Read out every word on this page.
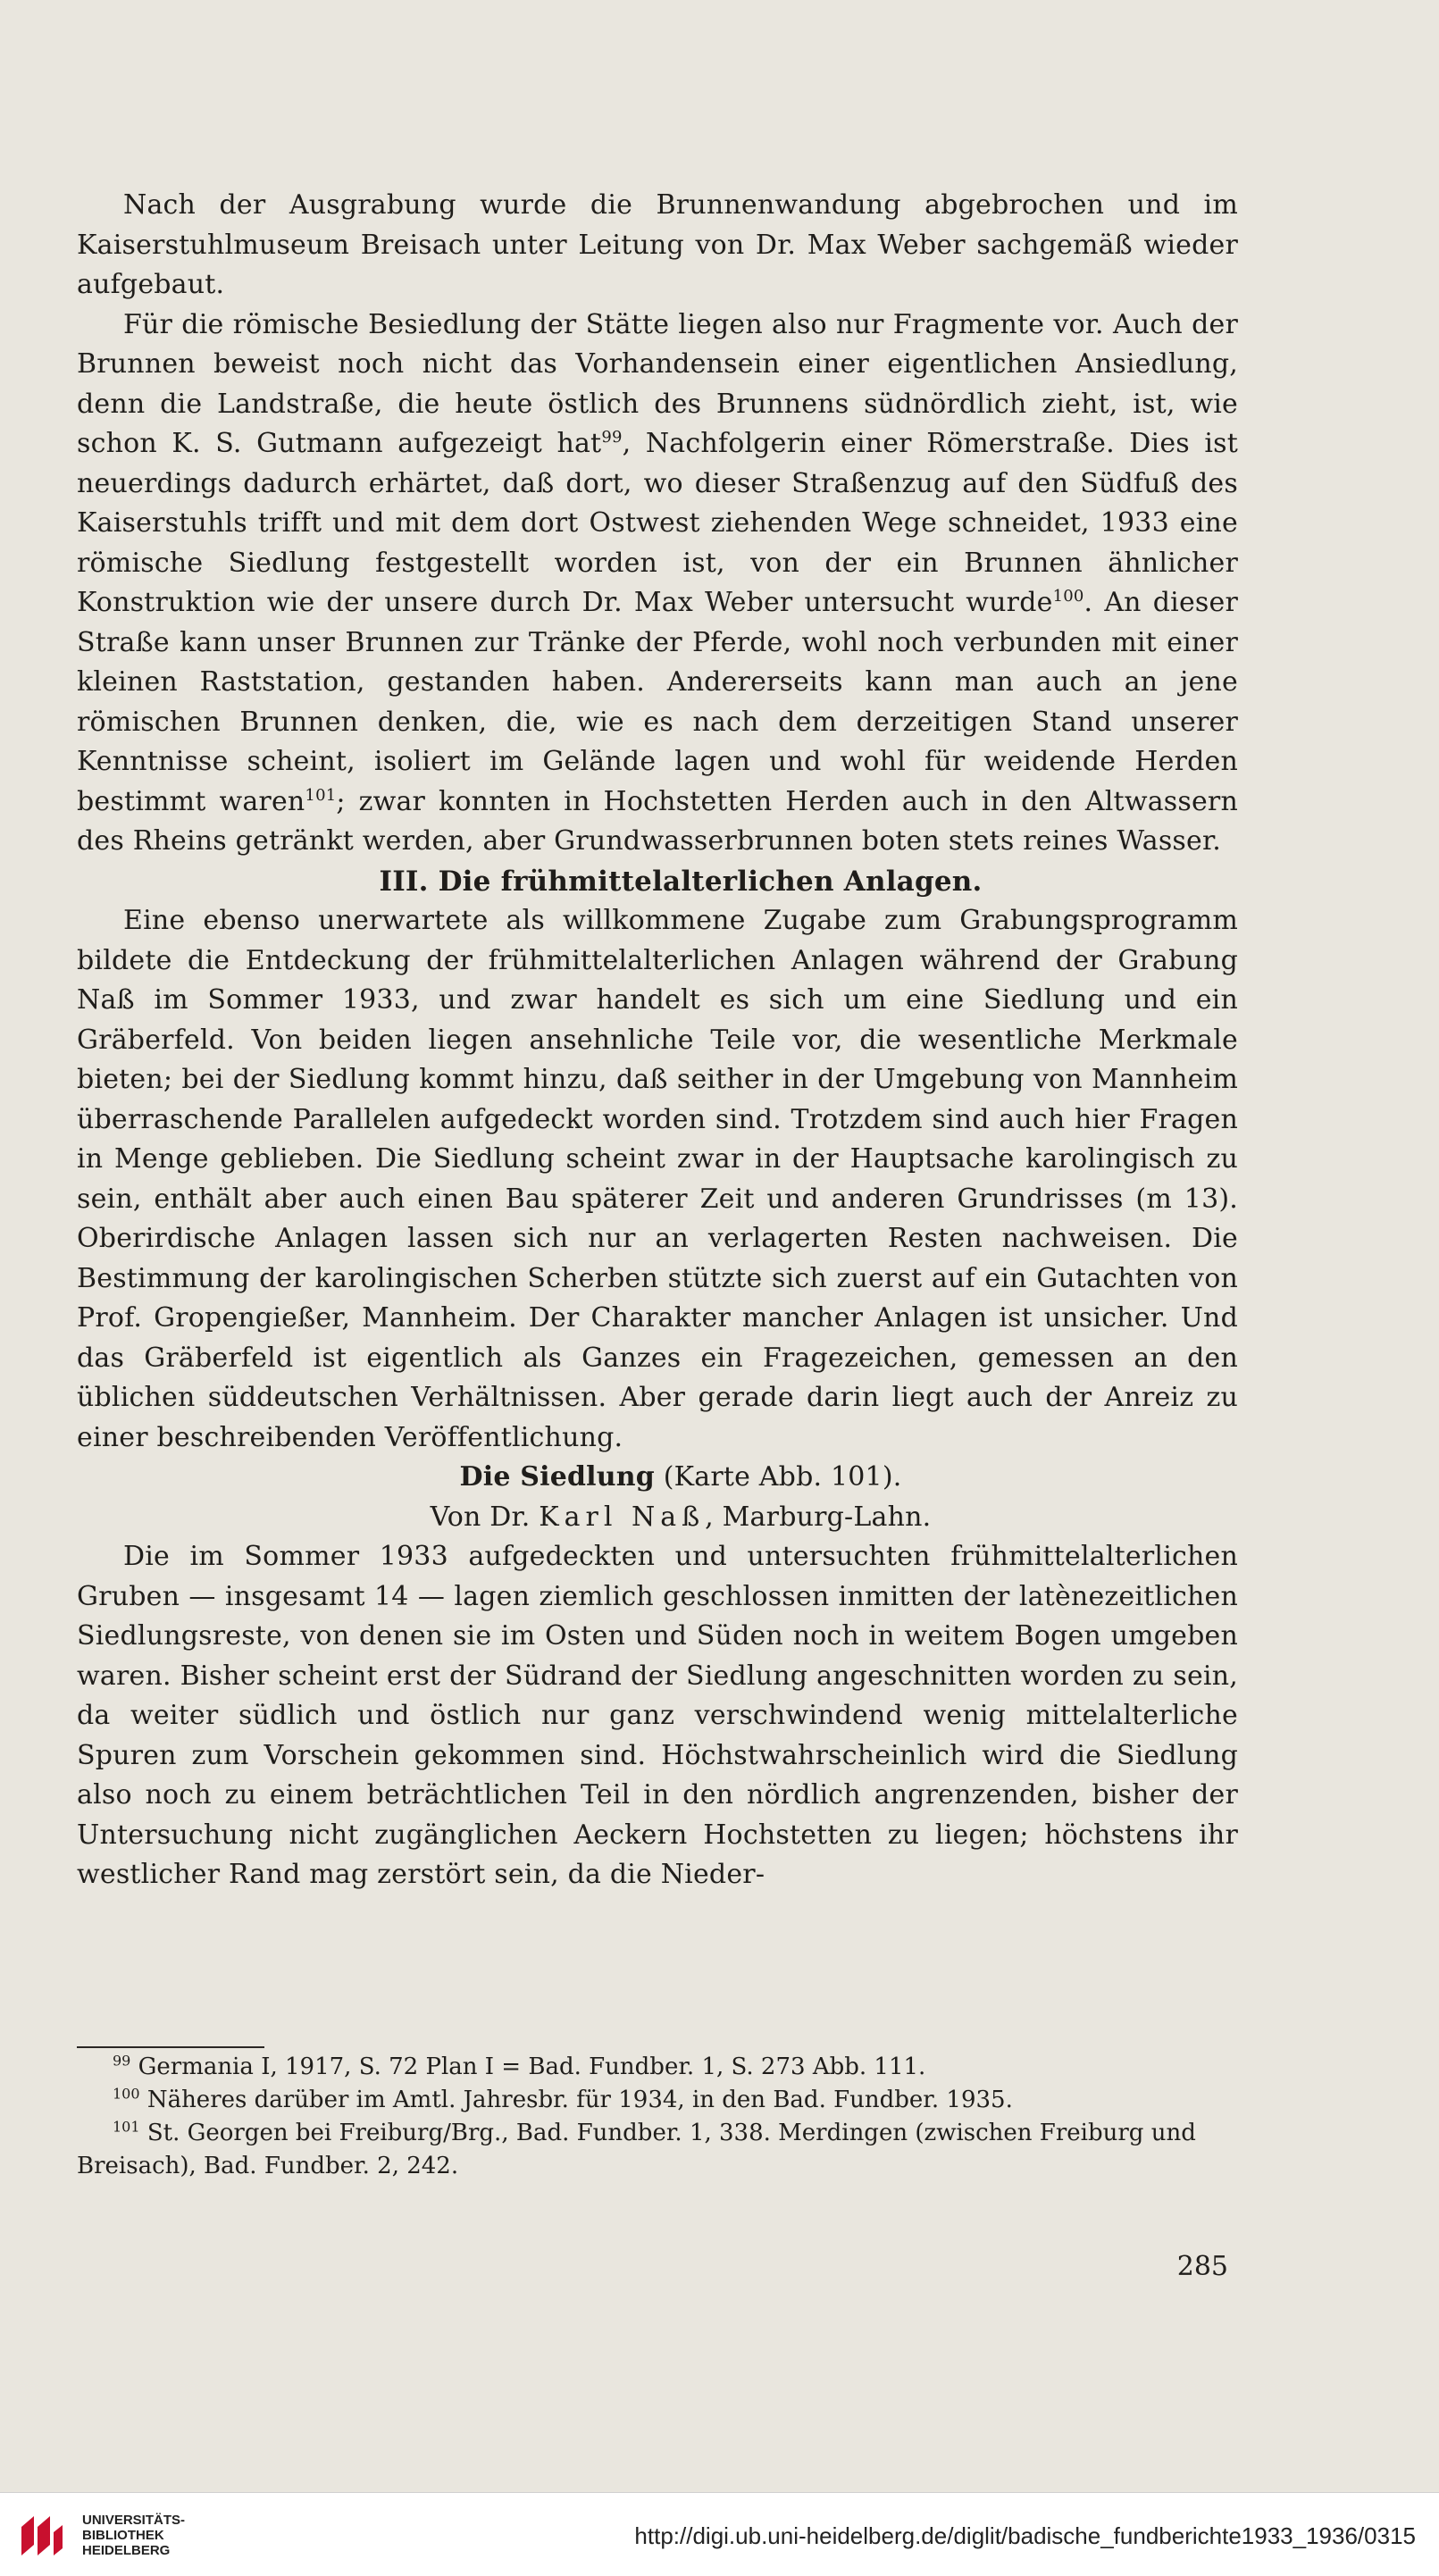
Nach der Ausgrabung wurde die Brunnenwandung abgebrochen und im Kaiserstuhlmuseum Breisach unter Leitung von Dr. Max Weber sachgemäß wieder aufgebaut.

Für die römische Besiedlung der Stätte liegen also nur Fragmente vor. Auch der Brunnen beweist noch nicht das Vorhandensein einer eigentlichen Ansiedlung, denn die Landstraße, die heute östlich des Brunnens südnördlich zieht, ist, wie schon K. S. Gutmann aufgezeigt hat$^{99}$, Nachfolgerin einer Römerstraße. Dies ist neuerdings dadurch erhärtet, daß dort, wo dieser Straßenzug auf den Südfuß des Kaiserstuhls trifft und mit dem dort Ostwest ziehenden Wege schneidet, 1933 eine römische Siedlung festgestellt worden ist, von der ein Brunnen ähnlicher Konstruktion wie der unsere durch Dr. Max Weber untersucht wurde$^{100}$. An dieser Straße kann unser Brunnen zur Tränke der Pferde, wohl noch verbunden mit einer kleinen Raststation, gestanden haben. Andererseits kann man auch an jene römischen Brunnen denken, die, wie es nach dem derzeitigen Stand unserer Kenntnisse scheint, isoliert im Gelände lagen und wohl für weidende Herden bestimmt waren$^{101}$; zwar konnten in Hochstetten Herden auch in den Altwassern des Rheins getränkt werden, aber Grundwasserbrunnen boten stets reines Wasser.

III. Die frühmittelalterlichen Anlagen.

Eine ebenso unerwartete als willkommene Zugabe zum Grabungsprogramm bildete die Entdeckung der frühmittelalterlichen Anlagen während der Grabung Naß im Sommer 1933, und zwar handelt es sich um eine Siedlung und ein Gräberfeld. Von beiden liegen ansehnliche Teile vor, die wesentliche Merkmale bieten; bei der Siedlung kommt hinzu, daß seither in der Umgebung von Mannheim überraschende Parallelen aufgedeckt worden sind. Trotzdem sind auch hier Fragen in Menge geblieben. Die Siedlung scheint zwar in der Hauptsache karolingisch zu sein, enthält aber auch einen Bau späterer Zeit und anderen Grundrisses (m 13). Oberirdische Anlagen lassen sich nur an verlagerten Resten nachweisen. Die Bestimmung der karolingischen Scherben stützte sich zuerst auf ein Gutachten von Prof. Gropengießer, Mannheim. Der Charakter mancher Anlagen ist unsicher. Und das Gräberfeld ist eigentlich als Ganzes ein Fragezeichen, gemessen an den üblichen süddeutschen Verhältnissen. Aber gerade darin liegt auch der Anreiz zu einer beschreibenden Veröffentlichung.

Die Siedlung (Karte Abb. 101).

Von Dr. Karl Naß, Marburg-Lahn.

Die im Sommer 1933 aufgedeckten und untersuchten frühmittelalterlichen Gruben — insgesamt 14 — lagen ziemlich geschlossen inmitten der latènezeitlichen Siedlungsreste, von denen sie im Osten und Süden noch in weitem Bogen umgeben waren. Bisher scheint erst der Südrand der Siedlung angeschnitten worden zu sein, da weiter südlich und östlich nur ganz verschwindend wenig mittelalterliche Spuren zum Vorschein gekommen sind. Höchstwahrscheinlich wird die Siedlung also noch zu einem beträchtlichen Teil in den nördlich angrenzenden, bisher der Untersuchung nicht zugänglichen Aeckern Hochstetten zu liegen; höchstens ihr westlicher Rand mag zerstört sein, da die Nieder-

$^{99}$ Germania I, 1917, S. 72 Plan I = Bad. Fundber. 1, S. 273 Abb. 111.

$^{100}$ Näheres darüber im Amtl. Jahresbr. für 1934, in den Bad. Fundber. 1935.

$^{101}$ St. Georgen bei Freiburg/Brg., Bad. Fundber. 1, 338. Merdingen (zwischen Freiburg und Breisach), Bad. Fundber. 2, 242.

285
UNIVERSITÄTS-
BIBLIOTHEK
HEIDELBERG
http://digi.ub.uni-heidelberg.de/diglit/badische_fundberichte1933_1936/0315
